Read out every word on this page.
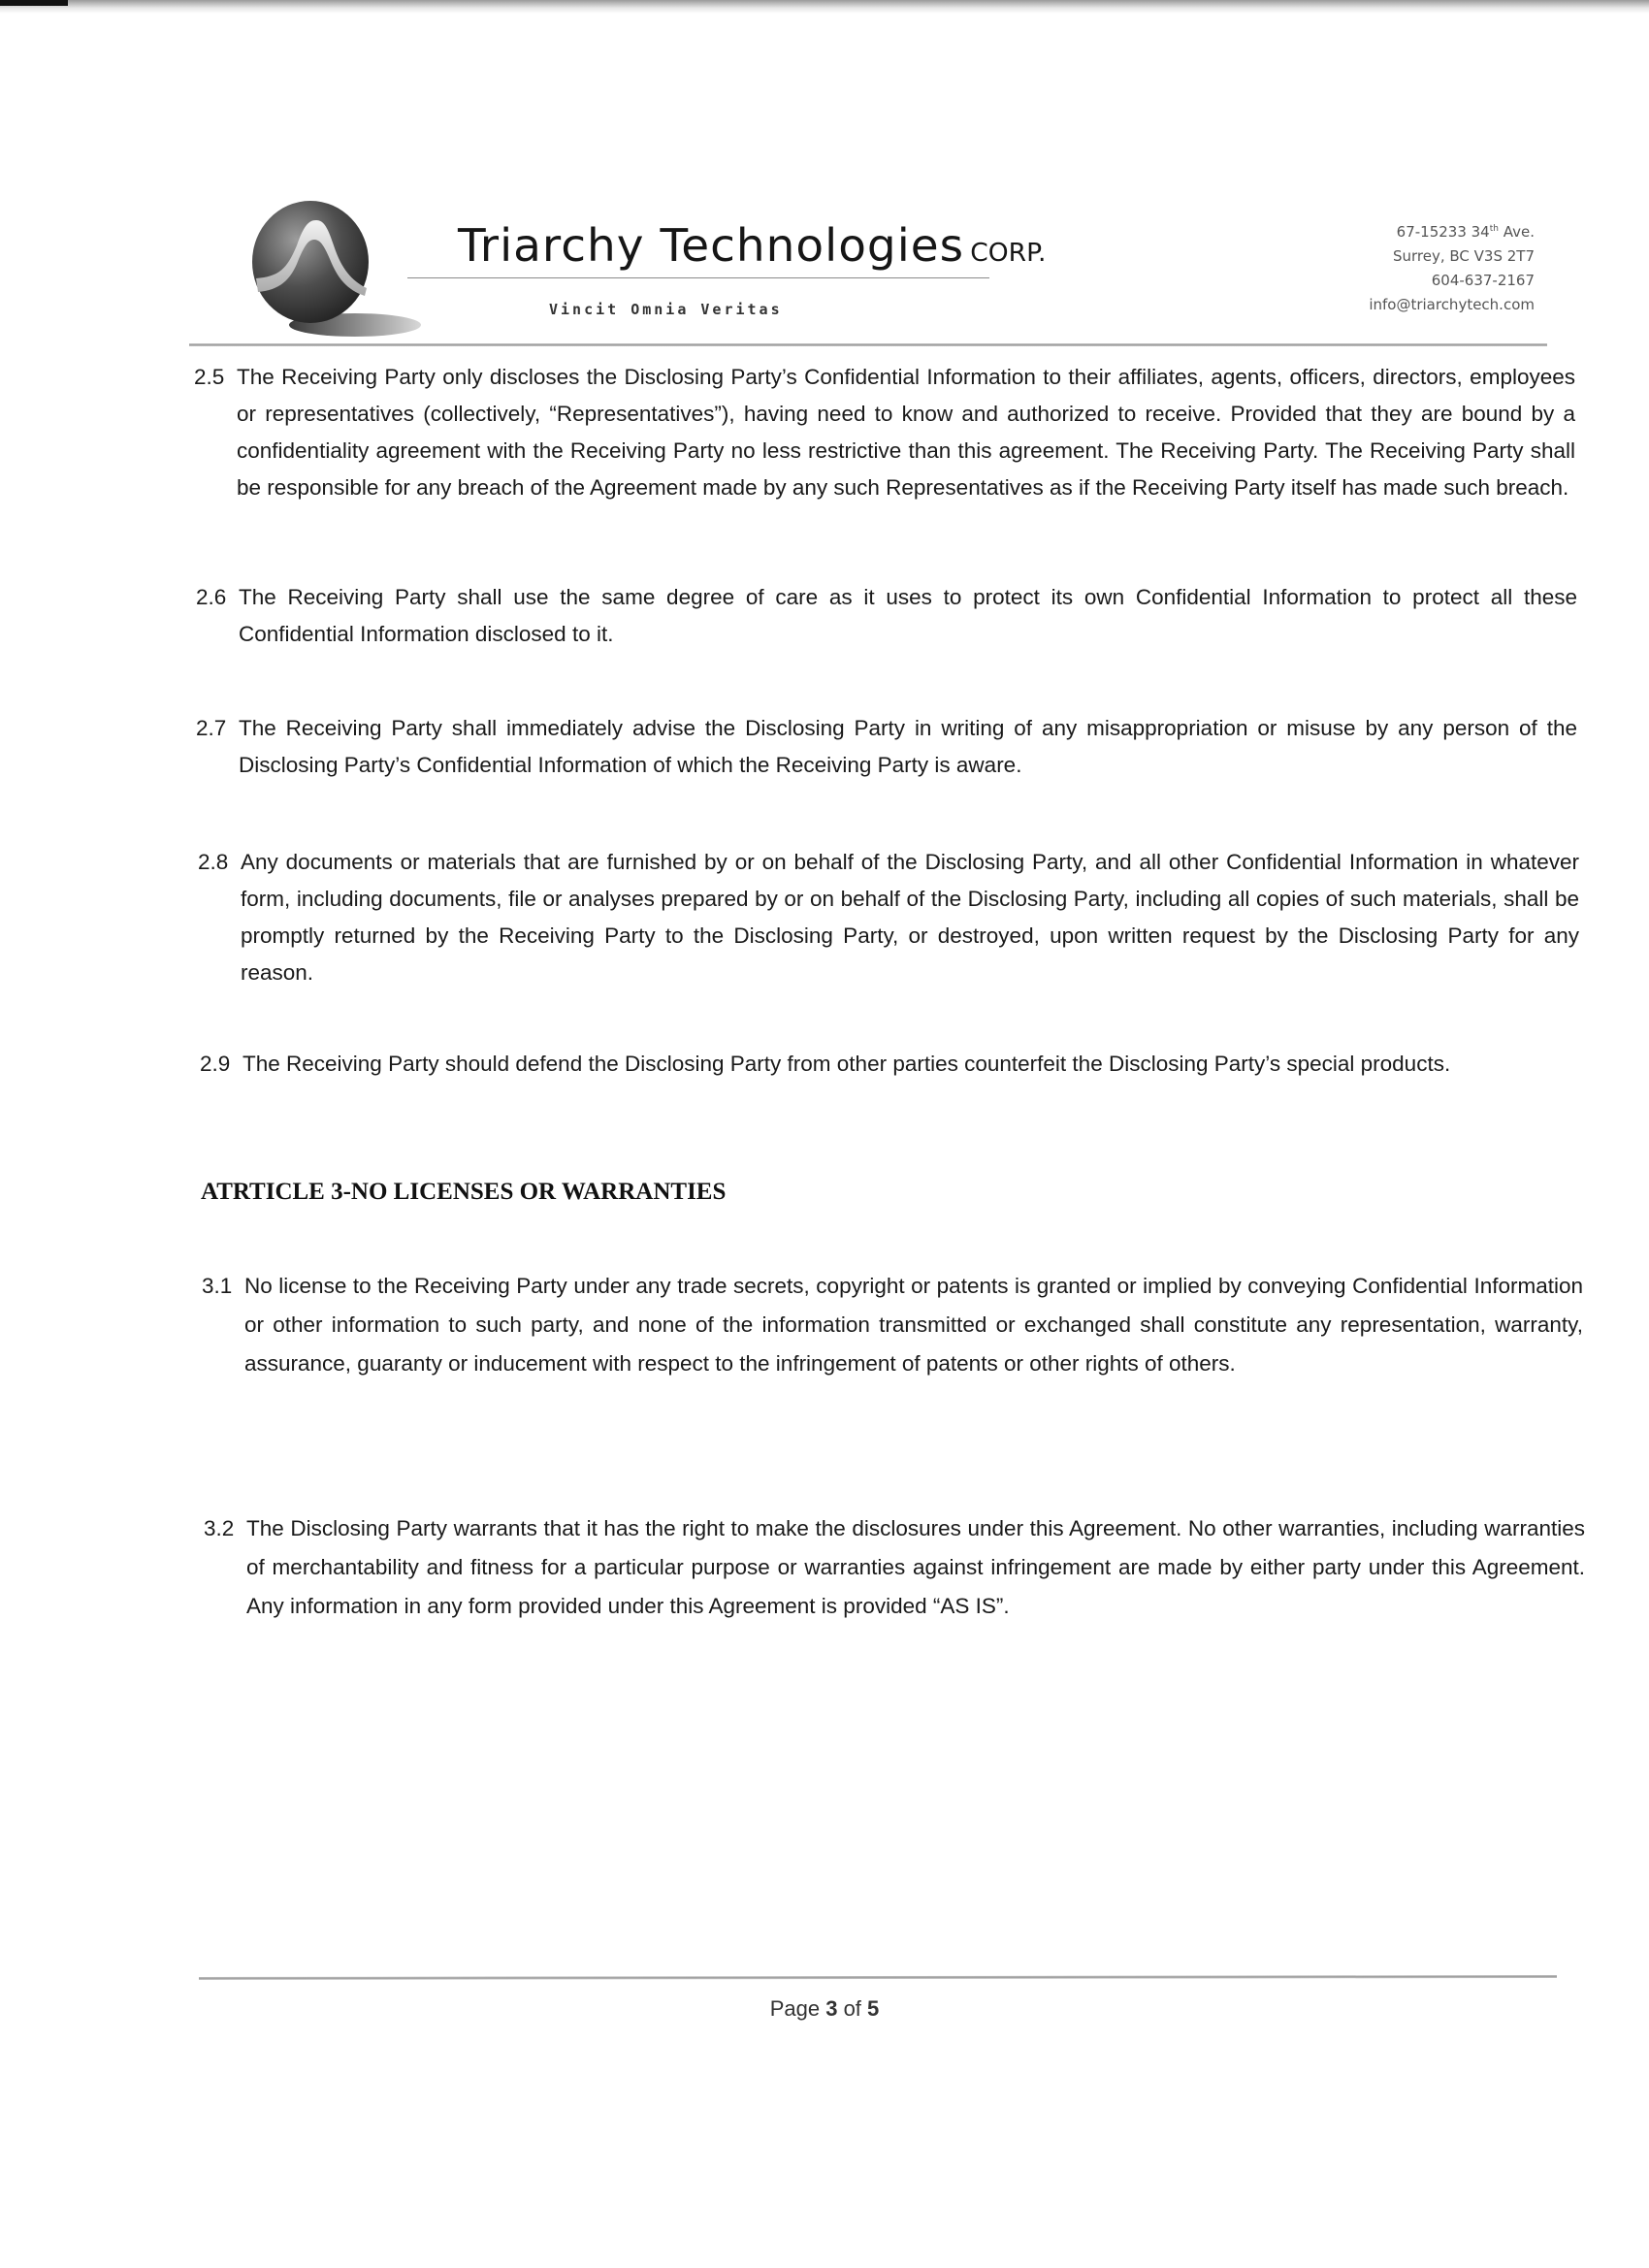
Triarchy Technologies CORP.
Vincit Omnia Veritas
67-15233 34th Ave.
Surrey, BC V3S 2T7
604-637-2167
info@triarchytech.com
2.5 The Receiving Party only discloses the Disclosing Party’s Confidential Information to their affiliates, agents, officers, directors, employees or representatives (collectively, “Representatives”), having need to know and authorized to receive. Provided that they are bound by a confidentiality agreement with the Receiving Party no less restrictive than this agreement. The Receiving Party. The Receiving Party shall be responsible for any breach of the Agreement made by any such Representatives as if the Receiving Party itself has made such breach.
2.6 The Receiving Party shall use the same degree of care as it uses to protect its own Confidential Information to protect all these Confidential Information disclosed to it.
2.7 The Receiving Party shall immediately advise the Disclosing Party in writing of any misappropriation or misuse by any person of the Disclosing Party’s Confidential Information of which the Receiving Party is aware.
2.8 Any documents or materials that are furnished by or on behalf of the Disclosing Party, and all other Confidential Information in whatever form, including documents, file or analyses prepared by or on behalf of the Disclosing Party, including all copies of such materials, shall be promptly returned by the Receiving Party to the Disclosing Party, or destroyed, upon written request by the Disclosing Party for any reason.
2.9 The Receiving Party should defend the Disclosing Party from other parties counterfeit the Disclosing Party’s special products.
ATRTICLE 3-NO LICENSES OR WARRANTIES
3.1 No license to the Receiving Party under any trade secrets, copyright or patents is granted or implied by conveying Confidential Information or other information to such party, and none of the information transmitted or exchanged shall constitute any representation, warranty, assurance, guaranty or inducement with respect to the infringement of patents or other rights of others.
3.2 The Disclosing Party warrants that it has the right to make the disclosures under this Agreement. No other warranties, including warranties of merchantability and fitness for a particular purpose or warranties against infringement are made by either party under this Agreement. Any information in any form provided under this Agreement is provided “AS IS”.
Page 3 of 5
